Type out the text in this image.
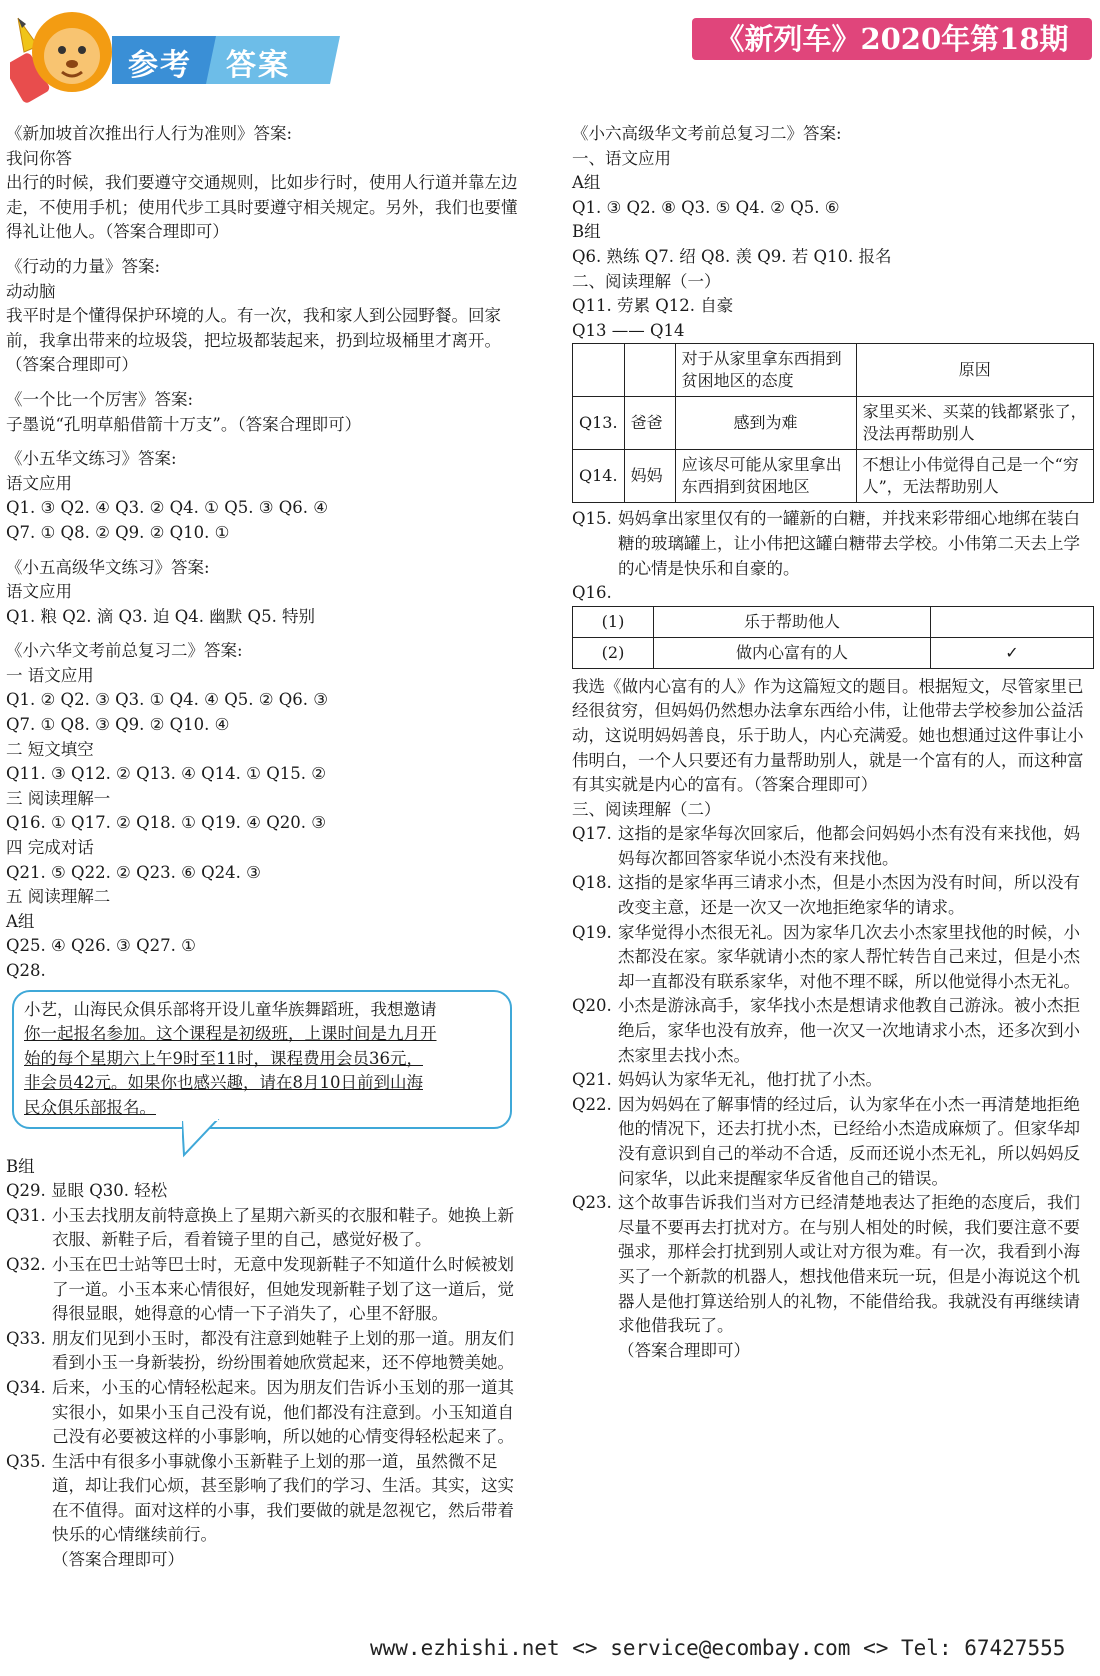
参考 答案
《新列车》2020年第18期

《新加坡首次推出行人行为准则》答案:

我问你答

出行的时候，我们要遵守交通规则，比如步行时，使用人行道并靠左边走，不使用手机；使用代步工具时要遵守相关规定。另外，我们也要懂得礼让他人。（答案合理即可）

《行动的力量》答案:

动动脑

我平时是个懂得保护环境的人。有一次，我和家人到公园野餐。回家前，我拿出带来的垃圾袋，把垃圾都装起来，扔到垃圾桶里才离开。（答案合理即可）

《一个比一个厉害》答案:

子墨说“孔明草船借箭十万支”。（答案合理即可）

《小五华文练习》答案:

语文应用

Q1. ③ Q2. ④ Q3. ② Q4. ① Q5. ③ Q6. ④

Q7. ① Q8. ② Q9. ② Q10. ①

《小五高级华文练习》答案:

语文应用

Q1. 粮 Q2. 滴 Q3. 迫 Q4. 幽默 Q5. 特别

《小六华文考前总复习二》答案:

一 语文应用

Q1. ② Q2. ③ Q3. ① Q4. ④ Q5. ② Q6. ③

Q7. ① Q8. ③ Q9. ② Q10. ④

二 短文填空

Q11. ③ Q12. ② Q13. ④ Q14. ① Q15. ②

三 阅读理解一

Q16. ① Q17. ② Q18. ① Q19. ④ Q20. ③

四 完成对话

Q21. ⑤ Q22. ② Q23. ⑥ Q24. ③

五 阅读理解二

A组

Q25. ④ Q26. ③ Q27. ①

Q28.

小艺，山海民众俱乐部将开设儿童华族舞蹈班，我想邀请
你一起报名参加。这个课程是初级班，上课时间是九月开
始的每个星期六上午9时至11时，课程费用会员36元，
非会员42元。如果你也感兴趣，请在8月10日前到山海
民众俱乐部报名。

B组

Q29. 显眼 Q30. 轻松

Q31. 小玉去找朋友前特意换上了星期六新买的衣服和鞋子。她换上新衣服、新鞋子后，看着镜子里的自己，感觉好极了。
Q32. 小玉在巴士站等巴士时，无意中发现新鞋子不知道什么时候被划了一道。小玉本来心情很好，但她发现新鞋子划了这一道后，觉得很显眼，她得意的心情一下子消失了，心里不舒服。
Q33. 朋友们见到小玉时，都没有注意到她鞋子上划的那一道。朋友们看到小玉一身新装扮，纷纷围着她欣赏起来，还不停地赞美她。
Q34. 后来，小玉的心情轻松起来。因为朋友们告诉小玉划的那一道其实很小，如果小玉自己没有说，他们都没有注意到。小玉知道自己没有必要被这样的小事影响，所以她的心情变得轻松起来了。
Q35. 生活中有很多小事就像小玉新鞋子上划的那一道，虽然微不足道，却让我们心烦，甚至影响了我们的学习、生活。其实，这实在不值得。面对这样的小事，我们要做的就是忽视它，然后带着快乐的心情继续前行。
（答案合理即可）

《小六高级华文考前总复习二》答案:

一、语文应用

A组

Q1. ③ Q2. ⑧ Q3. ⑤ Q4. ② Q5. ⑥

B组

Q6. 熟练 Q7. 绍 Q8. 羡 Q9. 若 Q10. 报名

二、阅读理解（一）

Q11. 劳累 Q12. 自豪

Q13 —— Q14

		对于从家里拿东西捐到贫困地区的态度	原因
Q13.	爸爸	感到为难	家里买米、买菜的钱都紧张了，没法再帮助别人
Q14.	妈妈	应该尽可能从家里拿出东西捐到贫困地区	不想让小伟觉得自己是一个“穷人”，无法帮助别人
Q15. 妈妈拿出家里仅有的一罐新的白糖，并找来彩带细心地绑在装白糖的玻璃罐上，让小伟把这罐白糖带去学校。小伟第二天去上学的心情是快乐和自豪的。

Q16.

(1)	乐于帮助他人	
(2)	做内心富有的人	✓

我选《做内心富有的人》作为这篇短文的题目。根据短文，尽管家里已经很贫穷，但妈妈仍然想办法拿东西给小伟，让他带去学校参加公益活动，这说明妈妈善良，乐于助人，内心充满爱。她也想通过这件事让小伟明白，一个人只要还有力量帮助别人，就是一个富有的人，而这种富有其实就是内心的富有。（答案合理即可）

三、阅读理解（二）

Q17. 这指的是家华每次回家后，他都会问妈妈小杰有没有来找他，妈妈每次都回答家华说小杰没有来找他。
Q18. 这指的是家华再三请求小杰，但是小杰因为没有时间，所以没有改变主意，还是一次又一次地拒绝家华的请求。
Q19. 家华觉得小杰很无礼。因为家华几次去小杰家里找他的时候，小杰都没在家。家华就请小杰的家人帮忙转告自己来过，但是小杰却一直都没有联系家华，对他不理不睬，所以他觉得小杰无礼。
Q20. 小杰是游泳高手，家华找小杰是想请求他教自己游泳。被小杰拒绝后，家华也没有放弃，他一次又一次地请求小杰，还多次到小杰家里去找小杰。
Q21. 妈妈认为家华无礼，他打扰了小杰。
Q22. 因为妈妈在了解事情的经过后，认为家华在小杰一再清楚地拒绝他的情况下，还去打扰小杰，已经给小杰造成麻烦了。但家华却没有意识到自己的举动不合适，反而还说小杰无礼，所以妈妈反问家华，以此来提醒家华反省他自己的错误。
Q23. 这个故事告诉我们当对方已经清楚地表达了拒绝的态度后，我们尽量不要再去打扰对方。在与别人相处的时候，我们要注意不要强求，那样会打扰到别人或让对方很为难。有一次，我看到小海买了一个新款的机器人，想找他借来玩一玩，但是小海说这个机器人是他打算送给别人的礼物，不能借给我。我就没有再继续请求他借我玩了。
（答案合理即可）
www.ezhishi.net <> service@ecombay.com <> Tel: 67427555
